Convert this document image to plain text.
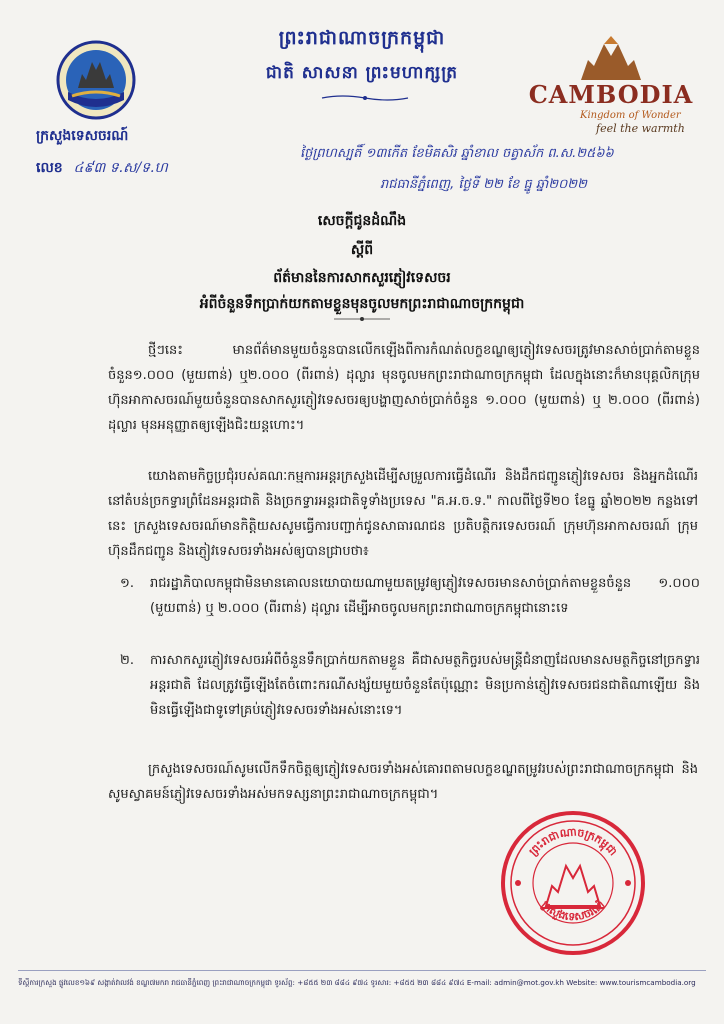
ព្រះរាជាណាចក្រកម្ពុជា
ជាតិ សាសនា ព្រះមហាក្សត្រ
CAMBODIA
Kingdom of Wonder
feel the warmth
ក្រសួងទេសចរណ៍
លេខ ៤៩៣ ទ.ស/ទ.ហ
ថ្ងៃព្រហស្បតិ៍ ១៣កើត ខែមិគសិរ ឆ្នាំខាល ចត្វាស័ក ព.ស.២៥៦៦
រាជធានីភ្នំពេញ, ថ្ងៃទី ២២ ខែ ធ្នូ ឆ្នាំ២០២២
សេចក្តីជូនដំណឹង
ស្តីពី
ព័ត៌មាននៃការសាកសួរភ្ញៀវទេសចរ
អំពីចំនួនទឹកប្រាក់យកតាមខ្លួនមុនចូលមកព្រះរាជាណាចក្រកម្ពុជា
ថ្មីៗនេះ មានព័ត៌មានមួយចំនួនបានលើកឡើងពីការកំណត់លក្ខខណ្ឌឲ្យភ្ញៀវទេសចរត្រូវមានសាច់ប្រាក់តាមខ្លួនចំនួន១.០០០ (មួយពាន់) ឬ២.០០០ (ពីរពាន់) ដុល្លារ មុនចូលមកព្រះរាជាណាចក្រកម្ពុជា ដែលក្នុងនោះក៏មានបុគ្គលិកក្រុមហ៊ុនអាកាសចរណ៍មួយចំនួនបានសាកសួរភ្ញៀវទេសចរឲ្យបង្ហាញសាច់ប្រាក់ចំនួន ១.០០០ (មួយពាន់) ឬ ២.០០០ (ពីរពាន់) ដុល្លារ មុនអនុញ្ញាតឲ្យឡើងជិះយន្តហោះ។
យោងតាមកិច្ចប្រជុំរបស់គណៈកម្មការអន្តរក្រសួងដើម្បីសម្រួលការធ្វើដំណើរ និងដឹកជញ្ជូនភ្ញៀវទេសចរ និងអ្នកដំណើរនៅតំបន់ច្រកទ្វារព្រំដែនអន្តរជាតិ និងច្រកទ្វារអន្តរជាតិទូទាំងប្រទេស "គ.អ.ច.ទ." កាលពីថ្ងៃទី២០ ខែធ្នូ ឆ្នាំ២០២២ កន្លងទៅនេះ ក្រសួងទេសចរណ៍មានកិត្តិយសសូមធ្វើការបញ្ជាក់ជូនសាធារណជន ប្រតិបត្តិករទេសចរណ៍ ក្រុមហ៊ុនអាកាសចរណ៍ ក្រុមហ៊ុនដឹកជញ្ជូន និងភ្ញៀវទេសចរទាំងអស់ឲ្យបានជ្រាបថា៖
១. រាជរដ្ឋាភិបាលកម្ពុជាមិនមានគោលនយោបាយណាមួយតម្រូវឲ្យភ្ញៀវទេសចរមានសាច់ប្រាក់តាមខ្លួនចំនួន ១.០០០ (មួយពាន់) ឬ ២.០០០ (ពីរពាន់) ដុល្លារ ដើម្បីអាចចូលមកព្រះរាជាណាចក្រកម្ពុជានោះទេ
២. ការសាកសួរភ្ញៀវទេសចរអំពីចំនួនទឹកប្រាក់យកតាមខ្លួន គឺជាសមត្ថកិច្ចរបស់មន្ត្រីជំនាញដែលមានសមត្ថកិច្ចនៅច្រកទ្វារអន្តរជាតិ ដែលត្រូវធ្វើឡើងតែចំពោះករណីសង្ស័យមួយចំនួនតែប៉ុណ្ណោះ មិនប្រកាន់ភ្ញៀវទេសចរជនជាតិណាឡើយ និងមិនធ្វើឡើងជាទូទៅគ្រប់ភ្ញៀវទេសចរទាំងអស់នោះទេ។
ក្រសួងទេសចរណ៍សូមលើកទឹកចិត្តឲ្យភ្ញៀវទេសចរទាំងអស់គោរពតាមលក្ខខណ្ឌតម្រូវរបស់ព្រះរាជាណាចក្រកម្ពុជា និងសូមស្វាគមន៍ភ្ញៀវទេសចរទាំងអស់មកទស្សនាព្រះរាជាណាចក្រកម្ពុជា។
ព្រះរាជាណាចក្រកម្ពុជា
ក្រសួងទេសចរណ៍
ទីស្តីការក្រសួង ផ្លូវលេខ១៦៩ សង្កាត់វាលវង់ ខណ្ឌ៧មករា រាជធានីភ្នំពេញ ព្រះរាជាណាចក្រកម្ពុជា ទូរស័ព្ទ: +៨៥៥ ២៣ ៨៨៤ ៩៧៤ ទូរសារ: +៨៥៥ ២៣ ៨៨៤ ៩៧៤ E-mail: admin@mot.gov.kh Website: www.tourismcambodia.org
